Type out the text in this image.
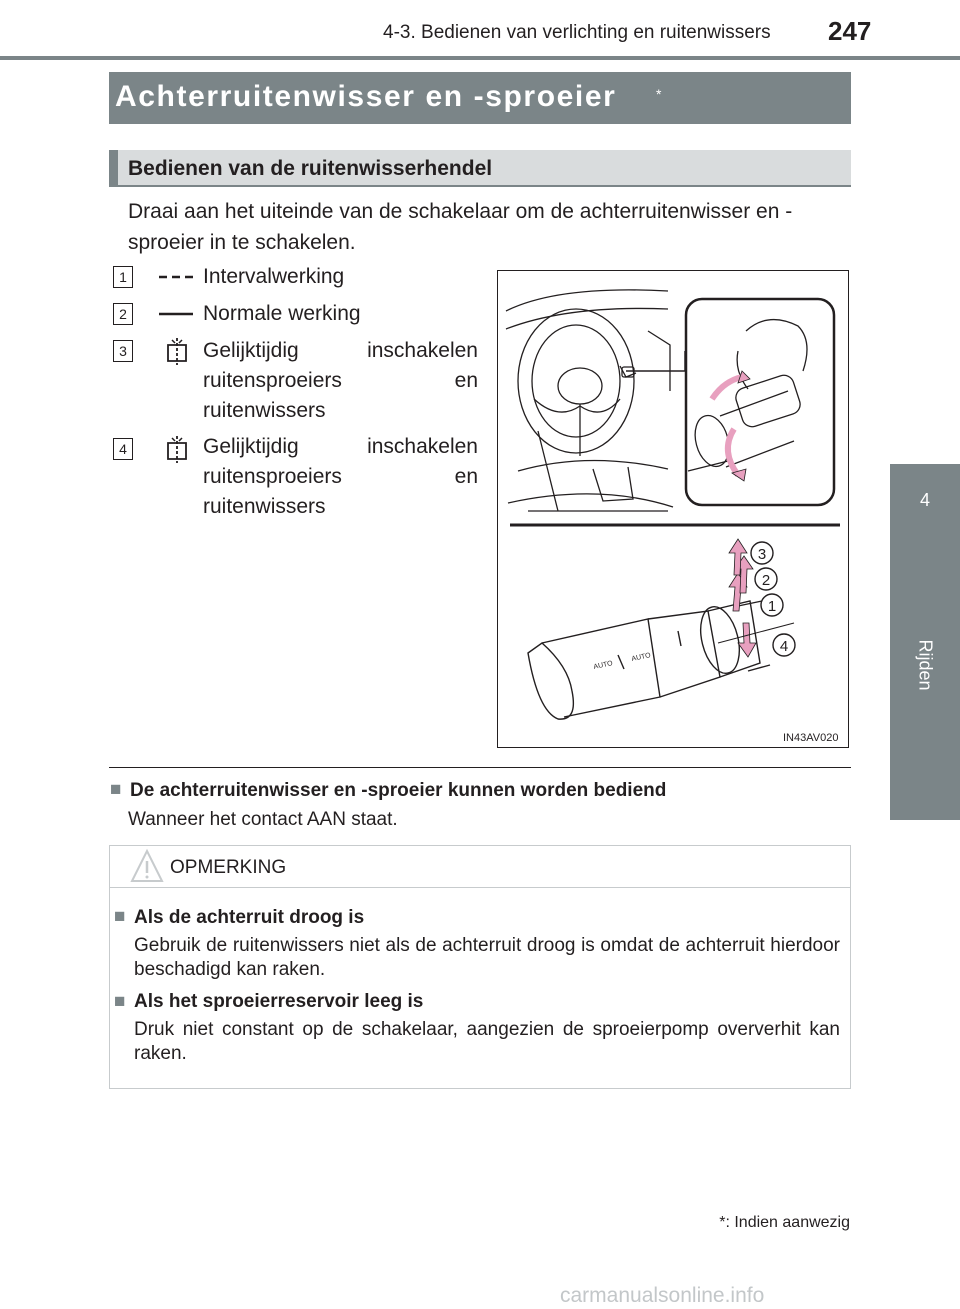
4-3. Bedienen van verlichting en ruitenwissers 247
4
Rijden
Achterruitenwisser en -sproeier	*
Bedienen van de ruitenwisserhendel
Draai aan het uiteinde van de schakelaar om de achterruitenwisser en -sproeier in te schakelen.
1	Intervalwerking
2	Normale werking
3	Gelijktijdig inschakelen ruitensproeiers en ruitenwissers
4	Gelijktijdig inschakelen ruitensproeiers en ruitenwissers
AUTO
AUTO
3
2
1
4
IN43AV020
■ De achterruitenwisser en -sproeier kunnen worden bediend
Wanneer het contact AAN staat.
OPMERKING
■ Als de achterruit droog is
Gebruik de ruitenwissers niet als de achterruit droog is omdat de achterruit hierdoor beschadigd kan raken.
■ Als het sproeierreservoir leeg is
Druk niet constant op de schakelaar, aangezien de sproeierpomp oververhit kan raken.
*: Indien aanwezig
carmanualsonline.info
